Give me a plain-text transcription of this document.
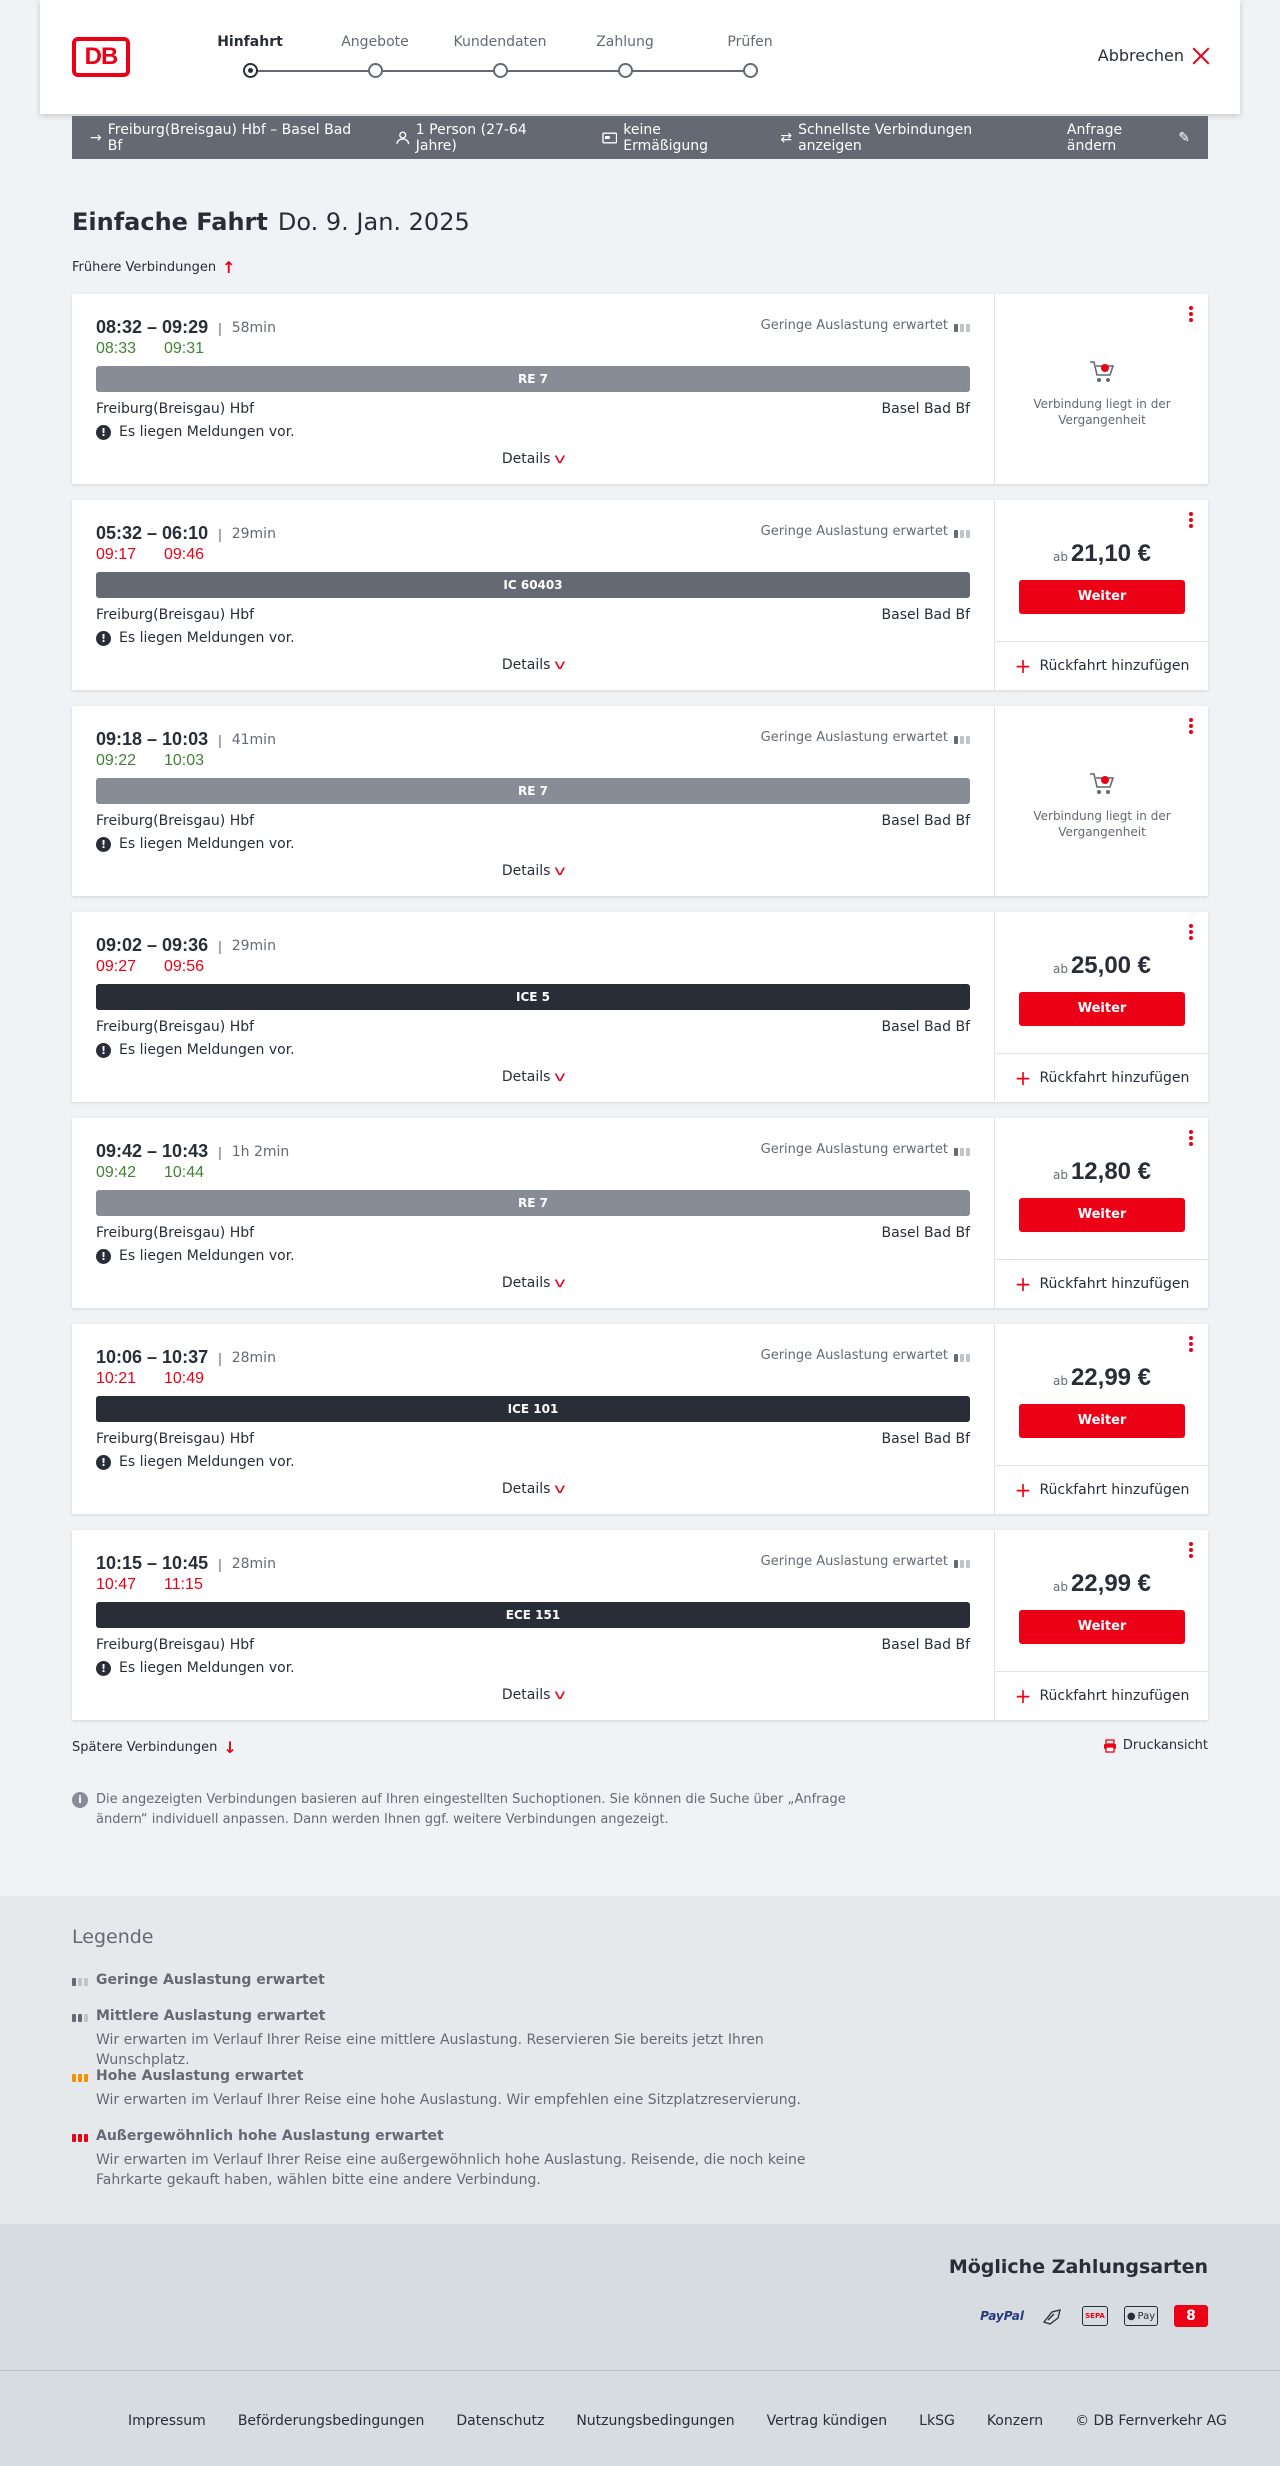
DB
Hinfahrt	Angebote	Kundendaten	Zahlung	Prüfen
Abbrechen
→ Freiburg(Breisgau) Hbf – Basel Bad Bf
1 Person (27-64 Jahre)
keine Ermäßigung	⇄ Schnellste Verbindungen anzeigen
Anfrage ändern	✎
Einfache Fahrt Do. 9. Jan. 2025
Frühere Verbindungen ↑
08:32 – 09:29 | 58min
08:33 09:31
Geringe Auslastung erwartet
RE 7
Freiburg(Breisgau) Hbf	Basel Bad Bf
! Es liegen Meldungen vor.
Details v
Verbindung liegt in der Vergangenheit
05:32 – 06:10 | 29min
09:17 09:46
Geringe Auslastung erwartet
IC 60403
Freiburg(Breisgau) Hbf	Basel Bad Bf
! Es liegen Meldungen vor.
Details v
ab 21,10 €
Weiter
+ Rückfahrt hinzufügen
09:18 – 10:03 | 41min
09:22 10:03
Geringe Auslastung erwartet
RE 7
Freiburg(Breisgau) Hbf	Basel Bad Bf
! Es liegen Meldungen vor.
Details v
Verbindung liegt in der Vergangenheit
09:02 – 09:36 | 29min
09:27 09:56
ICE 5
Freiburg(Breisgau) Hbf	Basel Bad Bf
! Es liegen Meldungen vor.
Details v
ab 25,00 €
Weiter
+ Rückfahrt hinzufügen
09:42 – 10:43 | 1h 2min
09:42 10:44
Geringe Auslastung erwartet
RE 7
Freiburg(Breisgau) Hbf	Basel Bad Bf
! Es liegen Meldungen vor.
Details v
ab 12,80 €
Weiter
+ Rückfahrt hinzufügen
10:06 – 10:37 | 28min
10:21 10:49
Geringe Auslastung erwartet
ICE 101
Freiburg(Breisgau) Hbf	Basel Bad Bf
! Es liegen Meldungen vor.
Details v
ab 22,99 €
Weiter
+ Rückfahrt hinzufügen
10:15 – 10:45 | 28min
10:47 11:15
Geringe Auslastung erwartet
ECE 151
Freiburg(Breisgau) Hbf	Basel Bad Bf
! Es liegen Meldungen vor.
Details v
ab 22,99 €
Weiter
+ Rückfahrt hinzufügen
Spätere Verbindungen ↓	Druckansicht
i	Die angezeigten Verbindungen basieren auf Ihren eingestellten Suchoptionen. Sie können die Suche über „Anfrage ändern“ individuell anpassen. Dann werden Ihnen ggf. weitere Verbindungen angezeigt.
Legende
Geringe Auslastung erwartet
Mittlere Auslastung erwartet

Wir erwarten im Verlauf Ihrer Reise eine mittlere Auslastung. Reservieren Sie bereits jetzt Ihren Wunschplatz.

Hohe Auslastung erwartet

Wir erwarten im Verlauf Ihrer Reise eine hohe Auslastung. Wir empfehlen eine Sitzplatzreservierung.

Außergewöhnlich hohe Auslastung erwartet

Wir erwarten im Verlauf Ihrer Reise eine außergewöhnlich hohe Auslastung. Reisende, die noch keine Fahrkarte gekauft haben, wählen bitte eine andere Verbindung.

Mögliche Zahlungsarten
PayPal	SEPA	● Pay	8
Impressum Beförderungsbedingungen Datenschutz Nutzungsbedingungen Vertrag kündigen LkSG Konzern © DB Fernverkehr AG
